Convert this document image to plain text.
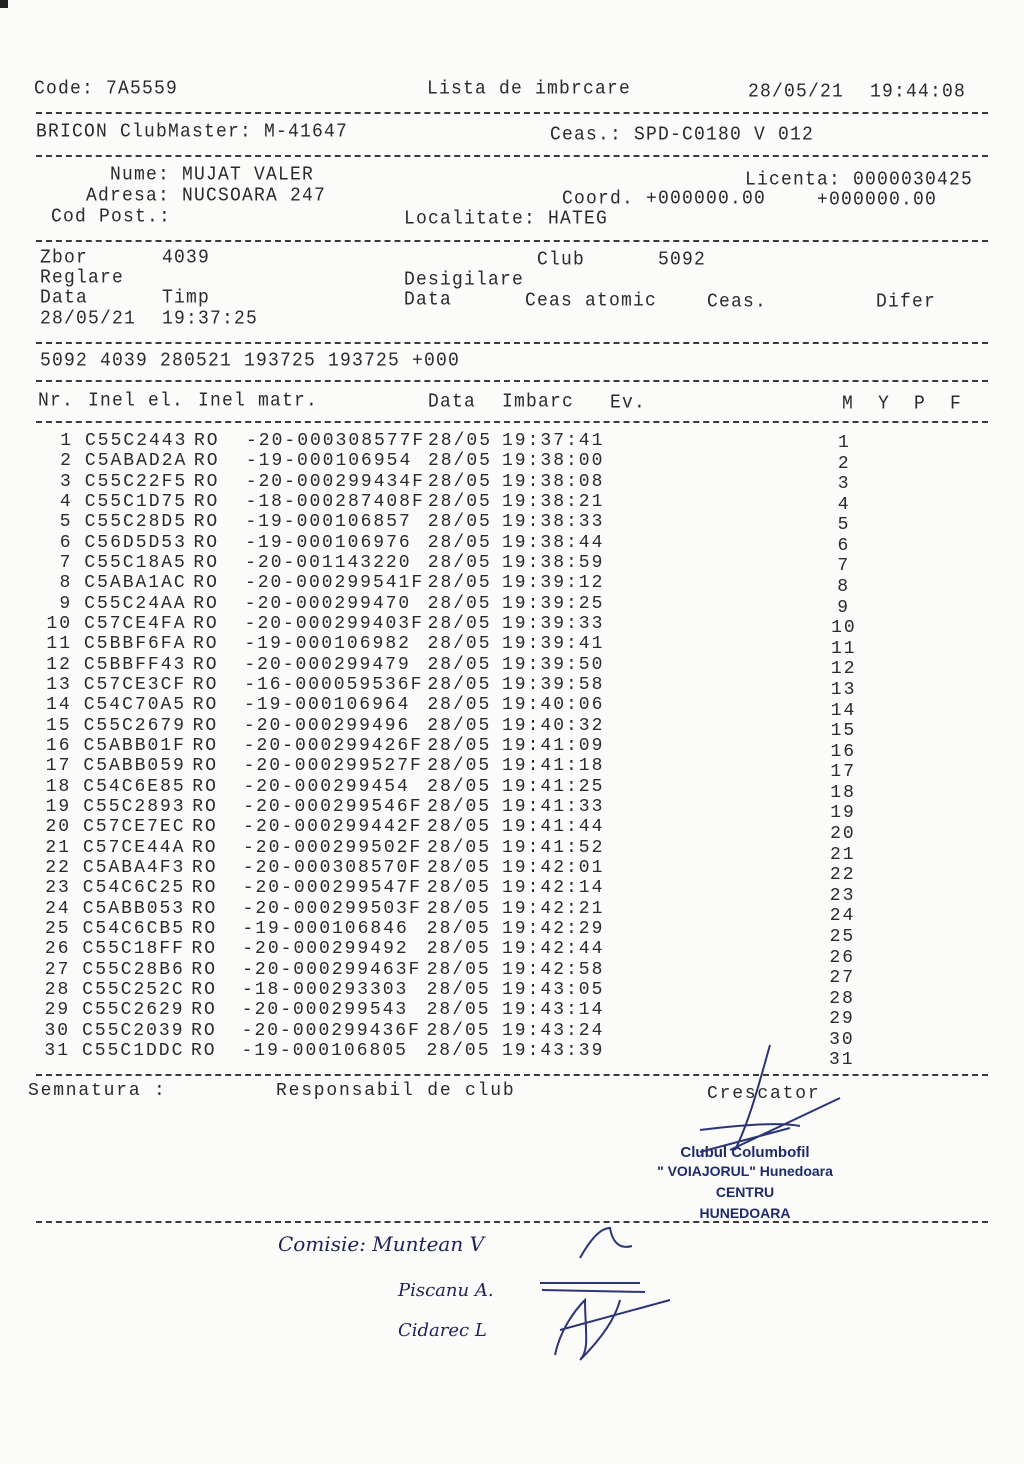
Code: 7A5559	Lista de imbrcare	28/05/21 19:44:08
BRICON ClubMaster: M-41647	Ceas.: SPD-C0180 V 012
Nume: MUJAT VALER	Licenta: 0000030425
Adresa: NUCSOARA 247	Coord. +000000.00	+000000.00
Cod Post.:	Localitate: HATEG
Zbor	4039	Club	5092
Reglare	Desigilare
Data	Timp	Data	Ceas atomic	Ceas.	Difer
28/05/21 19:37:25
5092 4039 280521 193725 193725 +000
Nr. Inel el. Inel matr.	Data Imbarc Ev.	M Y P F
1 C55C2443 RO -20-000308577F 28/05 19:37:41	1
2 C5ABAD2A RO -19-000106954 28/05 19:38:00	2
3 C55C22F5 RO -20-000299434F 28/05 19:38:08	3
4 C55C1D75 RO -18-000287408F 28/05 19:38:21	4
5 C55C28D5 RO -19-000106857 28/05 19:38:33	5
6 C56D5D53 RO -19-000106976 28/05 19:38:44	6
7 C55C18A5 RO -20-001143220 28/05 19:38:59	7
8 C5ABA1AC RO -20-000299541F 28/05 19:39:12	8
9 C55C24AA RO -20-000299470 28/05 19:39:25	9
10 C57CE4FA RO -20-000299403F 28/05 19:39:33	10
11 C5BBF6FA RO -19-000106982 28/05 19:39:41	11
12 C5BBFF43 RO -20-000299479 28/05 19:39:50	12
13 C57CE3CF RO -16-000059536F 28/05 19:39:58	13
14 C54C70A5 RO -19-000106964 28/05 19:40:06	14
15 C55C2679 RO -20-000299496 28/05 19:40:32	15
16 C5ABB01F RO -20-000299426F 28/05 19:41:09	16
17 C5ABB059 RO -20-000299527F 28/05 19:41:18	17
18 C54C6E85 RO -20-000299454 28/05 19:41:25	18
19 C55C2893 RO -20-000299546F 28/05 19:41:33	19
20 C57CE7EC RO -20-000299442F 28/05 19:41:44	20
21 C57CE44A RO -20-000299502F 28/05 19:41:52	21
22 C5ABA4F3 RO -20-000308570F 28/05 19:42:01	22
23 C54C6C25 RO -20-000299547F 28/05 19:42:14	23
24 C5ABB053 RO -20-000299503F 28/05 19:42:21	24
25 C54C6CB5 RO -19-000106846 28/05 19:42:29	25
26 C55C18FF RO -20-000299492 28/05 19:42:44	26
27 C55C28B6 RO -20-000299463F 28/05 19:42:58	27
28 C55C252C RO -18-000293303 28/05 19:43:05	28
29 C55C2629 RO -20-000299543 28/05 19:43:14	29
30 C55C2039 RO -20-000299436F 28/05 19:43:24	30
31 C55C1DDC RO -19-000106805 28/05 19:43:39	31
Semnatura :	Responsabil de club	Crescator
Clubul Columbofil
" VOIAJORUL" Hunedoara
CENTRU
HUNEDOARA
Comisie: Muntean V
Piscanu A.
Cidarec L
